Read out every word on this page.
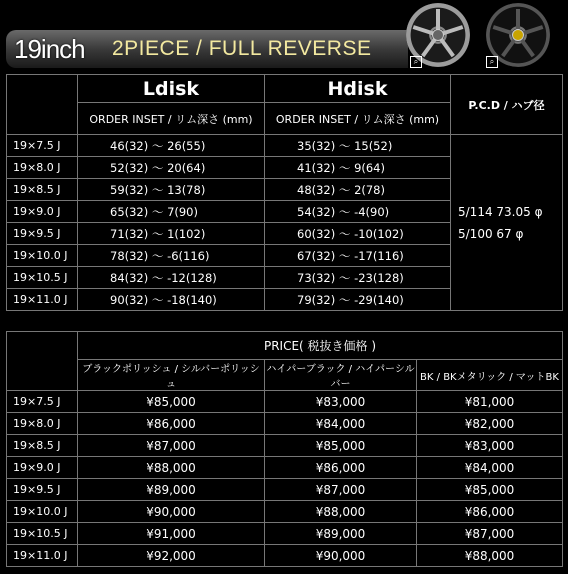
19inch 2PIECE / FULL REVERSE
⌕	⌕
	Ldisk	Hdisk	P.C.D / ハブ径
	ORDER INSET / リム深さ (mm)	ORDER INSET / リム深さ (mm)	
19×7.5 J	46(32) 〜 26(55)	35(32) 〜 15(52)	5/114 73.05 φ
5/100 67 φ

19×8.0 J	52(32) 〜 20(64)	41(32) 〜 9(64)	
19×8.5 J	59(32) 〜 13(78)	48(32) 〜 2(78)	
19×9.0 J	65(32) 〜 7(90)	54(32) 〜 -4(90)	
19×9.5 J	71(32) 〜 1(102)	60(32) 〜 -10(102)	
19×10.0 J	78(32) 〜 -6(116)	67(32) 〜 -17(116)	
19×10.5 J	84(32) 〜 -12(128)	73(32) 〜 -23(128)	
19×11.0 J	90(32) 〜 -18(140)	79(32) 〜 -29(140)	
	PRICE( 税抜き価格 )		
	ブラックポリッシュ / シルバーポリッシュ	ハイパーブラック / ハイパーシルバー	BK / BKメタリック / マットBK
19×7.5 J	¥85,000	¥83,000	¥81,000
19×8.0 J	¥86,000	¥84,000	¥82,000
19×8.5 J	¥87,000	¥85,000	¥83,000
19×9.0 J	¥88,000	¥86,000	¥84,000
19×9.5 J	¥89,000	¥87,000	¥85,000
19×10.0 J	¥90,000	¥88,000	¥86,000
19×10.5 J	¥91,000	¥89,000	¥87,000
19×11.0 J	¥92,000	¥90,000	¥88,000
